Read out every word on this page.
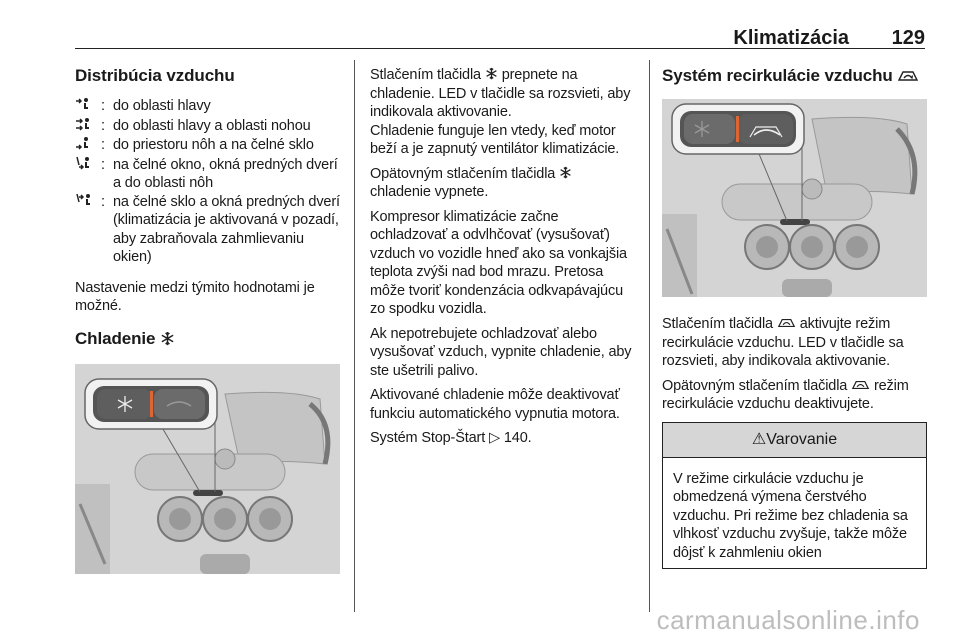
Klimatizácia 129
Distribúcia vzduchu
: do oblasti hlavy
: do oblasti hlavy a oblasti nohou
: do priestoru nôh a na čelné sklo
: na čelné okno, okná predných dverí a do oblasti nôh
: na čelné sklo a okná predných dverí (klimatizácia je aktivovaná v pozadí, aby zabraňovala zahmlievaniu okien)

Nastavenie medzi týmito hodnotami je možné.

Chladenie

Stlačením tlačidla  prepnete na chladenie. LED v tlačidle sa rozsvieti, aby indikovala aktivovanie.

Chladenie funguje len vtedy, keď motor beží a je zapnutý ventilátor klimatizácie.

Opätovným stlačením tlačidla  chladenie vypnete.

Kompresor klimatizácie začne ochladzovať a odvlhčovať (vysušovať) vzduch vo vozidle hneď ako sa vonkajšia teplota zvýši nad bod mrazu. Pretosa môže tvoriť kondenzácia odkvapávajúcu zo spodku vozidla.

Ak nepotrebujete ochladzovať alebo vysušovať vzduch, vypnite chladenie, aby ste ušetrili palivo.

Aktivované chladenie môže deaktivovať funkciu automatického vypnutia motora.

Systém Stop-Štart ▷ 140.

Systém recirkulácie vzduchu

Stlačením tlačidla  aktivujte režim recirkulácie vzduchu. LED v tlačidle sa rozsvieti, aby indikovala aktivovanie.

Opätovným stlačením tlačidla  režim recirkulácie vzduchu deaktivujete.

⚠Varovanie
V režime cirkulácie vzduchu je obmedzená výmena čerstvého vzduchu. Pri režime bez chladenia sa vlhkosť vzduchu zvyšuje, takže môže dôjsť k zahmleniu okien
carmanualsonline.info
